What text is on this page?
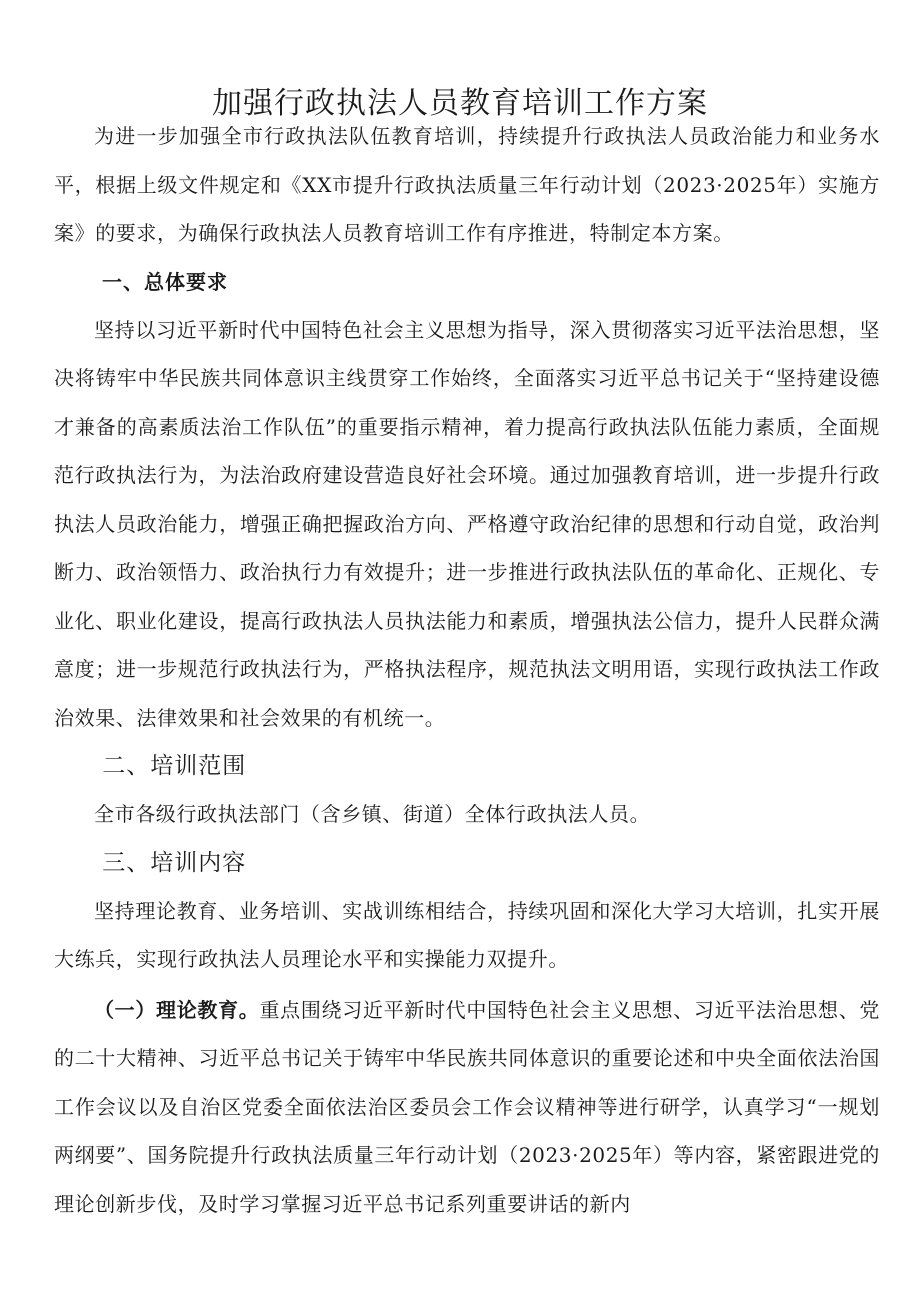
加强行政执法人员教育培训工作方案

为进一步加强全市行政执法队伍教育培训，持续提升行政执法人员政治能力和业务水平，根据上级文件规定和《XX市提升行政执法质量三年行动计划（2023·2025年）实施方案》的要求，为确保行政执法人员教育培训工作有序推进，特制定本方案。

一、总体要求

坚持以习近平新时代中国特色社会主义思想为指导，深入贯彻落实习近平法治思想，坚决将铸牢中华民族共同体意识主线贯穿工作始终，全面落实习近平总书记关于“坚持建设德才兼备的高素质法治工作队伍”的重要指示精神，着力提高行政执法队伍能力素质，全面规范行政执法行为，为法治政府建设营造良好社会环境。通过加强教育培训，进一步提升行政执法人员政治能力，增强正确把握政治方向、严格遵守政治纪律的思想和行动自觉，政治判断力、政治领悟力、政治执行力有效提升；进一步推进行政执法队伍的革命化、正规化、专业化、职业化建设，提高行政执法人员执法能力和素质，增强执法公信力，提升人民群众满意度；进一步规范行政执法行为，严格执法程序，规范执法文明用语，实现行政执法工作政治效果、法律效果和社会效果的有机统一。

二、培训范围

全市各级行政执法部门（含乡镇、街道）全体行政执法人员。

三、培训内容

坚持理论教育、业务培训、实战训练相结合，持续巩固和深化大学习大培训，扎实开展大练兵，实现行政执法人员理论水平和实操能力双提升。

（一）理论教育。重点围绕习近平新时代中国特色社会主义思想、习近平法治思想、党的二十大精神、习近平总书记关于铸牢中华民族共同体意识的重要论述和中央全面依法治国工作会议以及自治区党委全面依法治区委员会工作会议精神等进行研学，认真学习“一规划两纲要”、国务院提升行政执法质量三年行动计划（2023·2025年）等内容，紧密跟进党的理论创新步伐，及时学习掌握习近平总书记系列重要讲话的新内
